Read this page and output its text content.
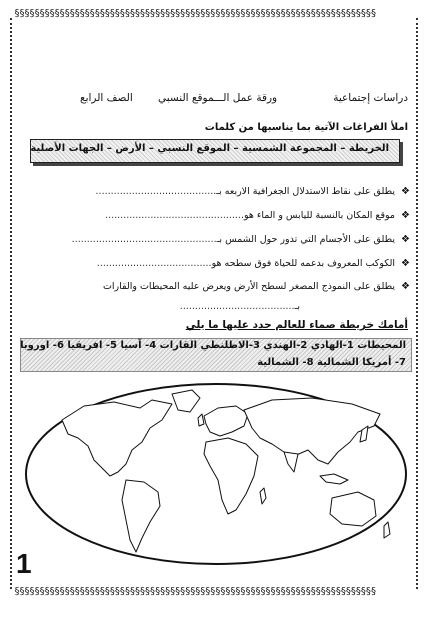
§§§§§§§§§§§§§§§§§§§§§§§§§§§§§§§§§§§§§§§§§§§§§§§§§§§§§§§§§§§§§§§§§§§§§§§§
§§§§§§§§§§§§§§§§§§§§§§§§§§§§§§§§§§§§§§§§§§§§§§§§§§§§§§§§§§§§§§§§§§§§§§§§
دراسات إجتماعية
ورقة عمل الـــموقع النسبي
الصف الرابع
املأ الفراغات الآتية بما يناسبها من كلمات
الخريطة – المجموعة الشمسية – الموقع النسبي – الأرض – الجهات الأصلية
❖يطلق على نقاط الاستدلال الجغرافية الاربعه بـ........................................
❖موقع المكان بالنسبة لليابس و الماء هو..............................................
❖يطلق على الأجسام التي تدور حول الشمس بـ................................................
❖الكوكب المعروف بدعمه للحياة فوق سطحه هو......................................
❖يطلق على النموذج المصغر لسطح الأرض ويعرض عليه المحيطات والقارات
بـ......................................
أمامك خريطة صماء للعالم حدد عليها ما يلي
المحيطات 1-الهادي 2-الهندي 3-الاطلنطي القارات 4- آسيا 5- افريقيا 6- اوروبا
7- أمريكا الشمالية 8- الشمالية
1
